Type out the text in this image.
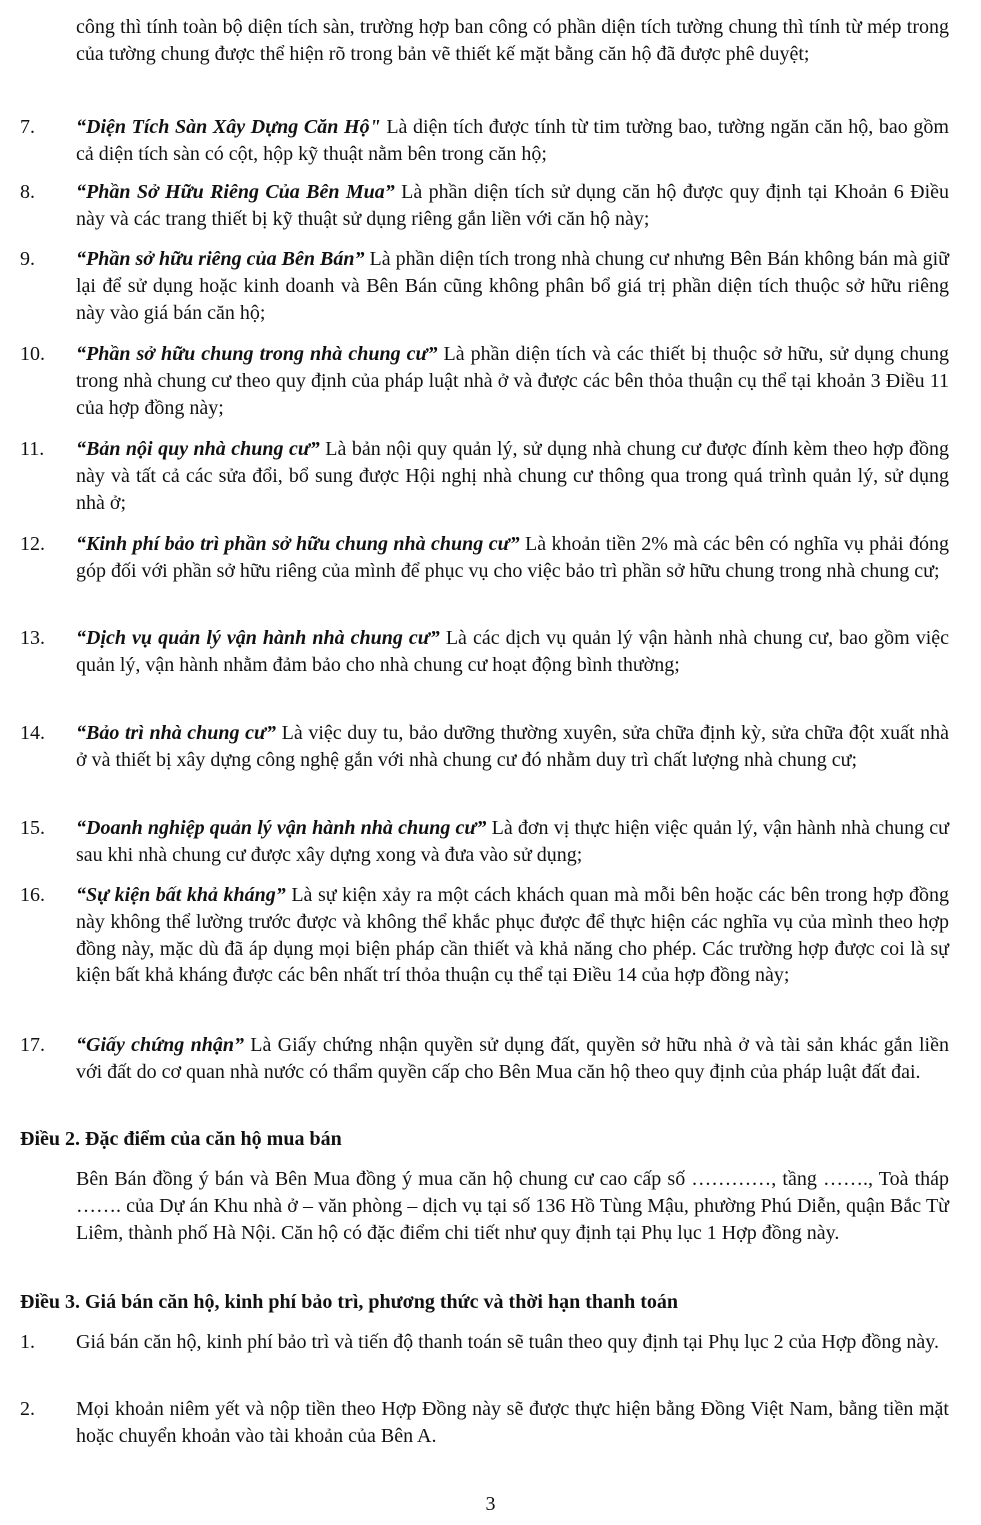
công thì tính toàn bộ diện tích sàn, trường hợp ban công có phần diện tích tường chung thì tính từ mép trong của tường chung được thể hiện rõ trong bản vẽ thiết kế mặt bằng căn hộ đã được phê duyệt;

7.	“Diện Tích Sàn Xây Dựng Căn Hộ" Là diện tích được tính từ tim tường bao, tường ngăn căn hộ, bao gồm cả diện tích sàn có cột, hộp kỹ thuật nằm bên trong căn hộ;

8.	“Phần Sở Hữu Riêng Của Bên Mua” Là phần diện tích sử dụng căn hộ được quy định tại Khoản 6 Điều này và các trang thiết bị kỹ thuật sử dụng riêng gắn liền với căn hộ này;

9.	“Phần sở hữu riêng của Bên Bán” Là phần diện tích trong nhà chung cư nhưng Bên Bán không bán mà giữ lại để sử dụng hoặc kinh doanh và Bên Bán cũng không phân bổ giá trị phần diện tích thuộc sở hữu riêng này vào giá bán căn hộ;

10.	“Phần sở hữu chung trong nhà chung cư” Là phần diện tích và các thiết bị thuộc sở hữu, sử dụng chung trong nhà chung cư theo quy định của pháp luật nhà ở và được các bên thỏa thuận cụ thể tại khoản 3 Điều 11 của hợp đồng này;

11.	“Bản nội quy nhà chung cư” Là bản nội quy quản lý, sử dụng nhà chung cư được đính kèm theo hợp đồng này và tất cả các sửa đổi, bổ sung được Hội nghị nhà chung cư thông qua trong quá trình quản lý, sử dụng nhà ở;

12.	“Kinh phí bảo trì phần sở hữu chung nhà chung cư” Là khoản tiền 2% mà các bên có nghĩa vụ phải đóng góp đối với phần sở hữu riêng của mình để phục vụ cho việc bảo trì phần sở hữu chung trong nhà chung cư;

13.	“Dịch vụ quản lý vận hành nhà chung cư” Là các dịch vụ quản lý vận hành nhà chung cư, bao gồm việc quản lý, vận hành nhằm đảm bảo cho nhà chung cư hoạt động bình thường;

14.	“Bảo trì nhà chung cư” Là việc duy tu, bảo dưỡng thường xuyên, sửa chữa định kỳ, sửa chữa đột xuất nhà ở và thiết bị xây dựng công nghệ gắn với nhà chung cư đó nhằm duy trì chất lượng nhà chung cư;

15.	“Doanh nghiệp quản lý vận hành nhà chung cư” Là đơn vị thực hiện việc quản lý, vận hành nhà chung cư sau khi nhà chung cư được xây dựng xong và đưa vào sử dụng;

16.	“Sự kiện bất khả kháng” Là sự kiện xảy ra một cách khách quan mà mỗi bên hoặc các bên trong hợp đồng này không thể lường trước được và không thể khắc phục được để thực hiện các nghĩa vụ của mình theo hợp đồng này, mặc dù đã áp dụng mọi biện pháp cần thiết và khả năng cho phép. Các trường hợp được coi là sự kiện bất khả kháng được các bên nhất trí thỏa thuận cụ thể tại Điều 14 của hợp đồng này;

17.	“Giấy chứng nhận” Là Giấy chứng nhận quyền sử dụng đất, quyền sở hữu nhà ở và tài sản khác gắn liền với đất do cơ quan nhà nước có thẩm quyền cấp cho Bên Mua căn hộ theo quy định của pháp luật đất đai.

Điều 2. Đặc điểm của căn hộ mua bán

Bên Bán đồng ý bán và Bên Mua đồng ý mua căn hộ chung cư cao cấp số …………, tầng ……., Toà tháp ……. của Dự án Khu nhà ở – văn phòng – dịch vụ tại số 136 Hồ Tùng Mậu, phường Phú Diễn, quận Bắc Từ Liêm, thành phố Hà Nội. Căn hộ có đặc điểm chi tiết như quy định tại Phụ lục 1 Hợp đồng này.

Điều 3. Giá bán căn hộ, kinh phí bảo trì, phương thức và thời hạn thanh toán
1.	Giá bán căn hộ, kinh phí bảo trì và tiến độ thanh toán sẽ tuân theo quy định tại Phụ lục 2 của Hợp đồng này.

2.	Mọi khoản niêm yết và nộp tiền theo Hợp Đồng này sẽ được thực hiện bằng Đồng Việt Nam, bằng tiền mặt hoặc chuyển khoản vào tài khoản của Bên A.

3
